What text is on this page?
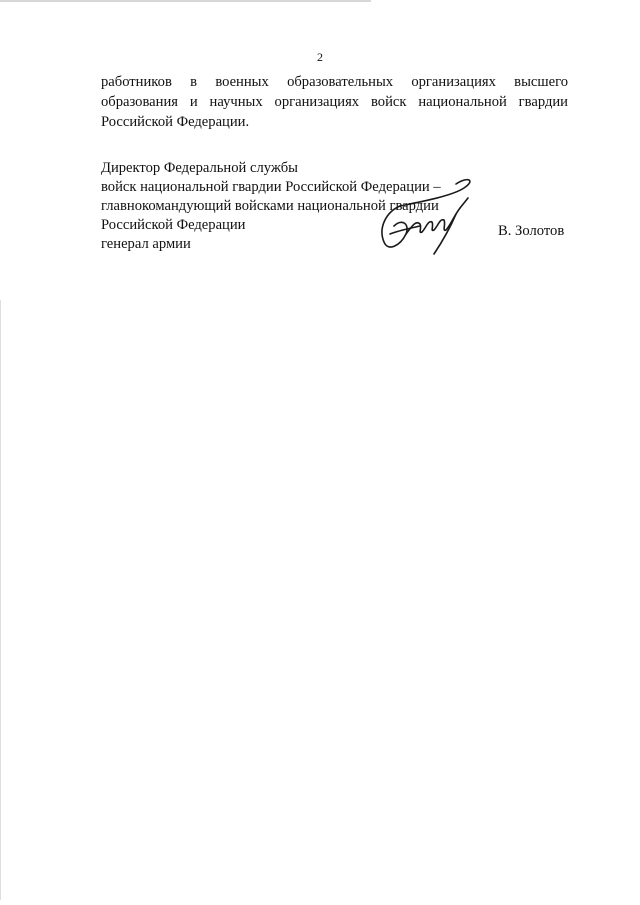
2
работников в военных образовательных организациях высшего
образования и научных организациях войск национальной гвардии
Российской Федерации.
Директор Федеральной службы
войск национальной гвардии Российской Федерации –
главнокомандующий войсками национальной гвардии
Российской Федерации
генерал армии
В. Золотов
